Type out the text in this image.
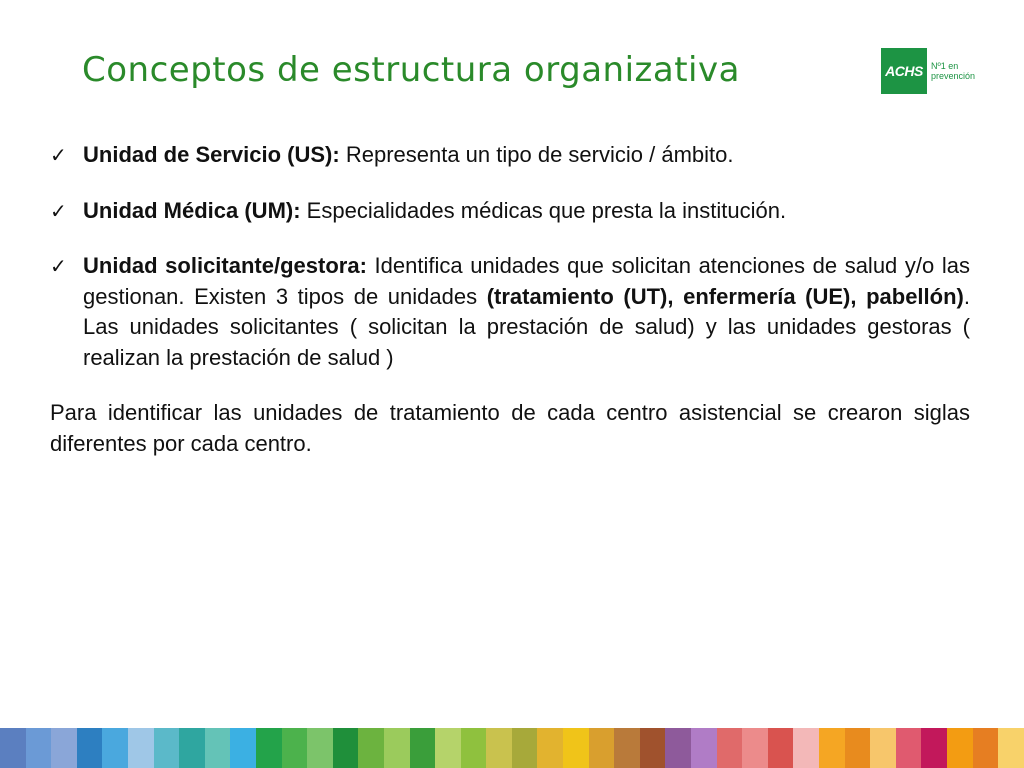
Conceptos de estructura organizativa	ACHS Nº1 en
prevención

✓ Unidad de Servicio (US): Representa un tipo de servicio / ámbito.

✓ Unidad Médica (UM): Especialidades médicas que presta la institución.

✓ Unidad solicitante/gestora: Identifica unidades que solicitan atenciones de salud y/o las gestionan. Existen 3 tipos de unidades (tratamiento (UT), enfermería (UE), pabellón). Las unidades solicitantes ( solicitan la prestación de salud) y las unidades gestoras ( realizan la prestación de salud )

Para identificar las unidades de tratamiento de cada centro asistencial se crearon siglas diferentes por cada centro.
